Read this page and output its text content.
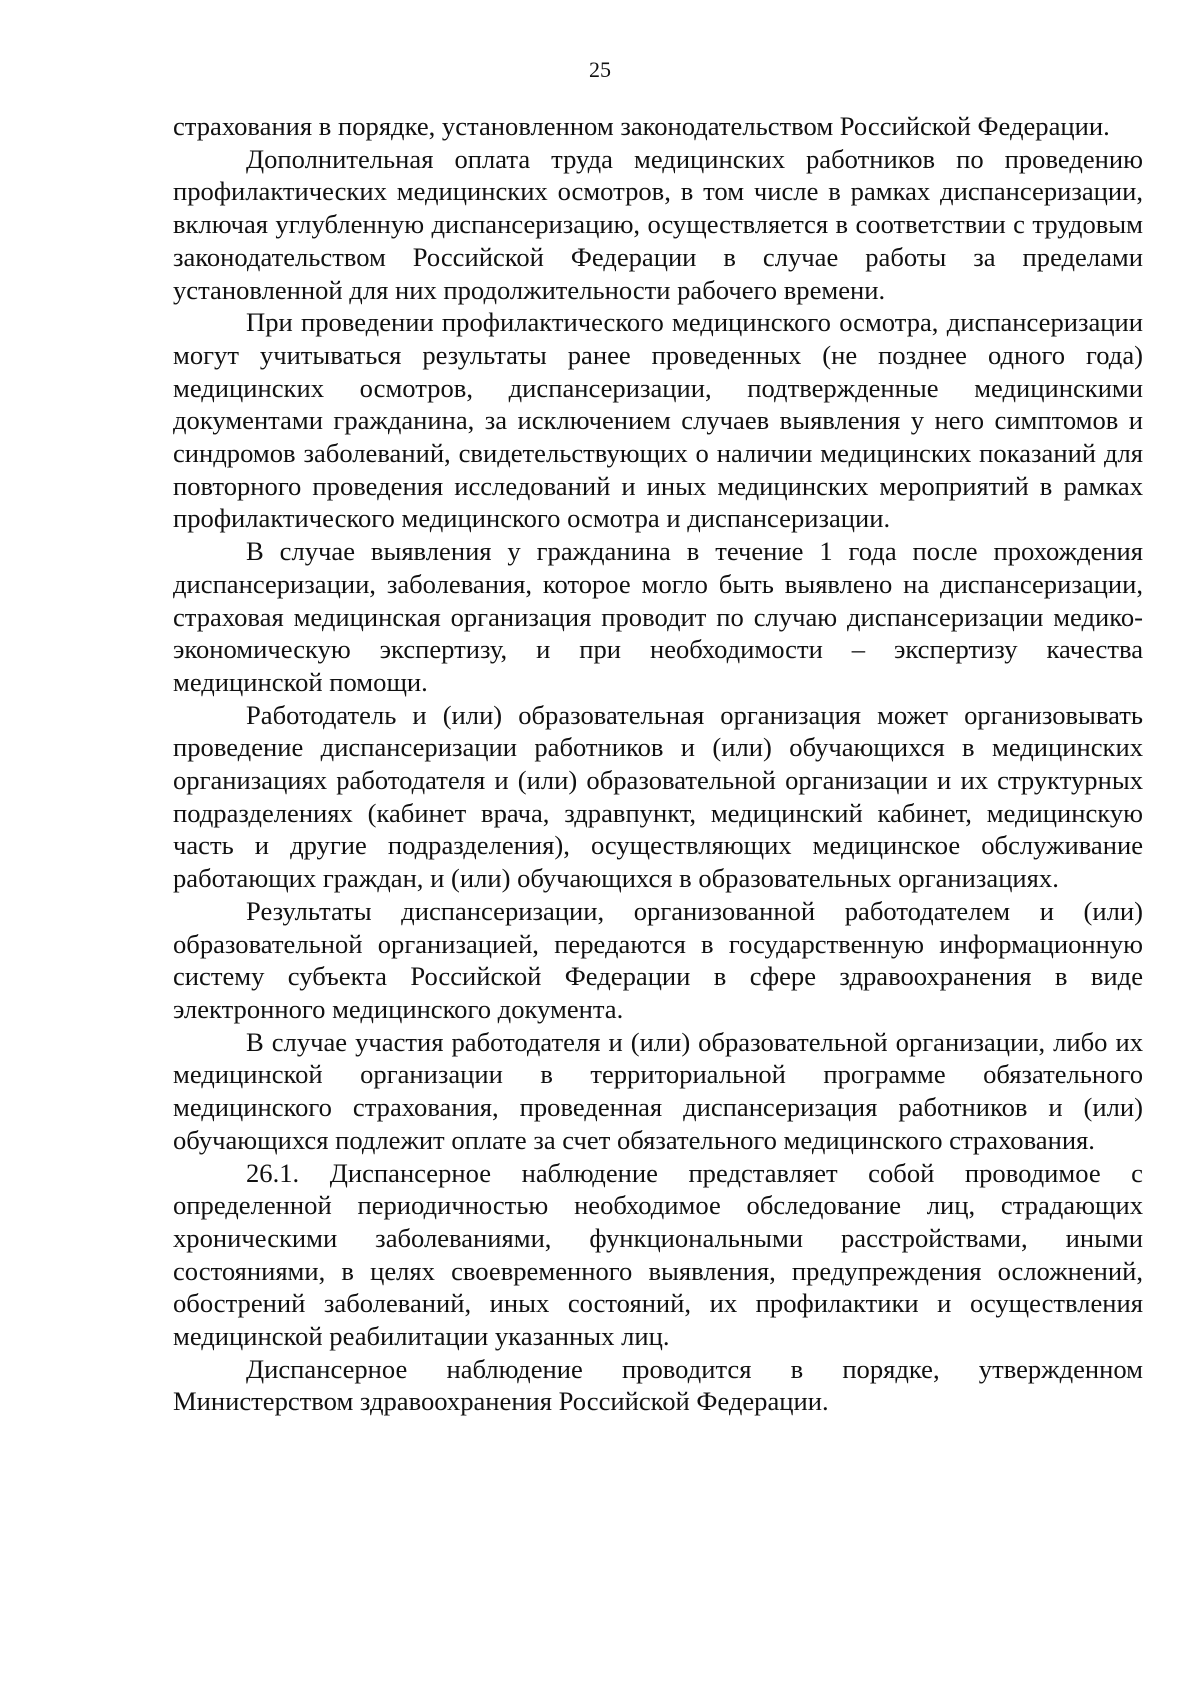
25

страхования в порядке, установленном законодательством Российской Федерации.

Дополнительная оплата труда медицинских работников по проведению профилактических медицинских осмотров, в том числе в рамках диспансеризации, включая углубленную диспансеризацию, осуществляется в соответствии с трудовым законодательством Российской Федерации в случае работы за пределами установленной для них продолжительности рабочего времени.

При проведении профилактического медицинского осмотра, диспансеризации могут учитываться результаты ранее проведенных (не позднее одного года) медицинских осмотров, диспансеризации, подтвержденные медицинскими документами гражданина, за исключением случаев выявления у него симптомов и синдромов заболеваний, свидетельствующих о наличии медицинских показаний для повторного проведения исследований и иных медицинских мероприятий в рамках профилактического медицинского осмотра и диспансеризации.

В случае выявления у гражданина в течение 1 года после прохождения диспансеризации, заболевания, которое могло быть выявлено на диспансеризации, страховая медицинская организация проводит по случаю диспансеризации медико-экономическую экспертизу, и при необходимости – экспертизу качества медицинской помощи.

Работодатель и (или) образовательная организация может организовывать проведение диспансеризации работников и (или) обучающихся в медицинских организациях работодателя и (или) образовательной организации и их структурных подразделениях (кабинет врача, здравпункт, медицинский кабинет, медицинскую часть и другие подразделения), осуществляющих медицинское обслуживание работающих граждан, и (или) обучающихся в образовательных организациях.

Результаты диспансеризации, организованной работодателем и (или) образовательной организацией, передаются в государственную информационную систему субъекта Российской Федерации в сфере здравоохранения в виде электронного медицинского документа.

В случае участия работодателя и (или) образовательной организации, либо их медицинской организации в территориальной программе обязательного медицинского страхования, проведенная диспансеризация работников и (или) обучающихся подлежит оплате за счет обязательного медицинского страхования.

26.1. Диспансерное наблюдение представляет собой проводимое с определенной периодичностью необходимое обследование лиц, страдающих хроническими заболеваниями, функциональными расстройствами, иными состояниями, в целях своевременного выявления, предупреждения осложнений, обострений заболеваний, иных состояний, их профилактики и осуществления медицинской реабилитации указанных лиц.

Диспансерное наблюдение проводится в порядке, утвержденном Министерством здравоохранения Российской Федерации.
